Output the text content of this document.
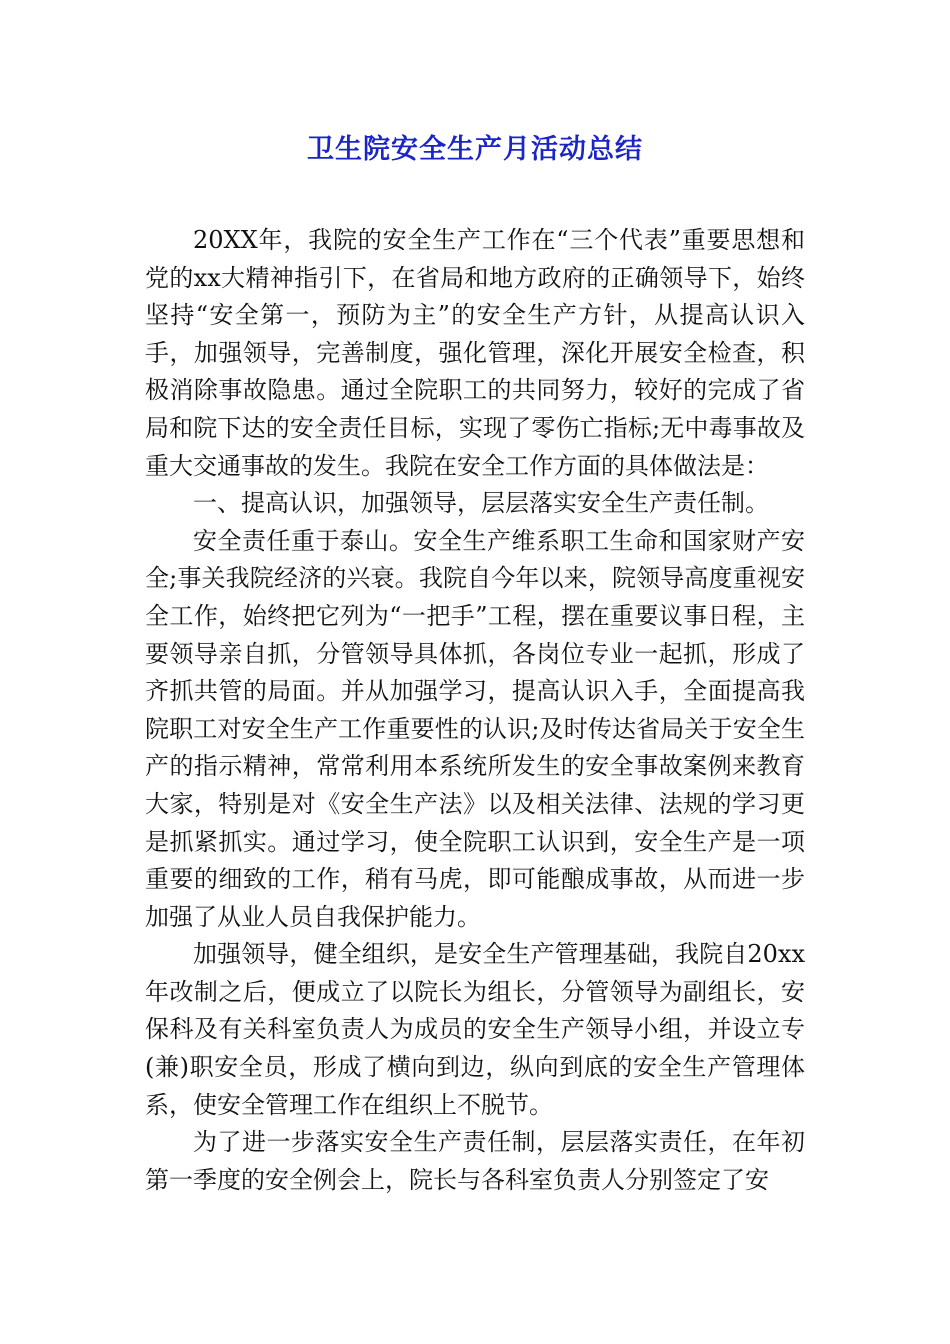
卫生院安全生产月活动总结

20XX年，我院的安全生产工作在“三个代表”重要思想和党的xx大精神指引下，在省局和地方政府的正确领导下，始终坚持“安全第一，预防为主”的安全生产方针，从提高认识入手，加强领导，完善制度，强化管理，深化开展安全检查，积极消除事故隐患。通过全院职工的共同努力，较好的完成了省局和院下达的安全责任目标，实现了零伤亡指标;无中毒事故及重大交通事故的发生。我院在安全工作方面的具体做法是：

一、提高认识，加强领导，层层落实安全生产责任制。

安全责任重于泰山。安全生产维系职工生命和国家财产安全;事关我院经济的兴衰。我院自今年以来，院领导高度重视安全工作，始终把它列为“一把手”工程，摆在重要议事日程，主要领导亲自抓，分管领导具体抓，各岗位专业一起抓，形成了齐抓共管的局面。并从加强学习，提高认识入手，全面提高我院职工对安全生产工作重要性的认识;及时传达省局关于安全生产的指示精神，常常利用本系统所发生的安全事故案例来教育大家，特别是对《安全生产法》以及相关法律、法规的学习更是抓紧抓实。通过学习，使全院职工认识到，安全生产是一项重要的细致的工作，稍有马虎，即可能酿成事故，从而进一步加强了从业人员自我保护能力。

加强领导，健全组织，是安全生产管理基础，我院自20xx年改制之后，便成立了以院长为组长，分管领导为副组长，安保科及有关科室负责人为成员的安全生产领导小组，并设立专(兼)职安全员，形成了横向到边，纵向到底的安全生产管理体系，使安全管理工作在组织上不脱节。

为了进一步落实安全生产责任制，层层落实责任，在年初第一季度的安全例会上，院长与各科室负责人分别签定了安
